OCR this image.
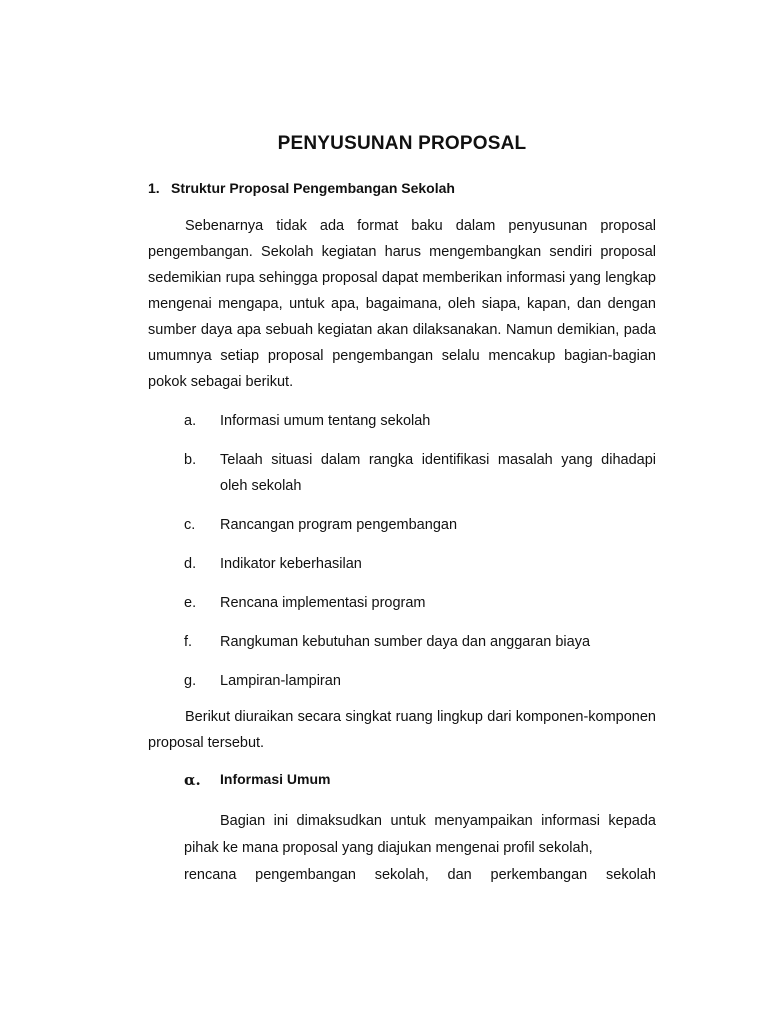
PENYUSUNAN PROPOSAL
1. Struktur Proposal Pengembangan Sekolah

Sebenarnya tidak ada format baku dalam penyusunan proposal pengembangan. Sekolah kegiatan harus mengembangkan sendiri proposal sedemikian rupa sehingga proposal dapat memberikan informasi yang lengkap mengenai mengapa, untuk apa, bagaimana, oleh siapa, kapan, dan dengan sumber daya apa sebuah kegiatan akan dilaksanakan. Namun demikian, pada umumnya setiap proposal pengembangan selalu mencakup bagian-bagian pokok sebagai berikut.

a.	Informasi umum tentang sekolah
b.	Telaah situasi dalam rangka identifikasi masalah yang dihadapi oleh sekolah
c.	Rancangan program pengembangan
d.	Indikator keberhasilan
e.	Rencana implementasi program
f.	Rangkuman kebutuhan sumber daya dan anggaran biaya
g.	Lampiran-lampiran

Berikut diuraikan secara singkat ruang lingkup dari komponen-komponen proposal tersebut.

α.	Informasi Umum

Bagian ini dimaksudkan untuk menyampaikan informasi kepada pihak ke mana proposal yang diajukan mengenai profil sekolah,
rencana pengembangan sekolah, dan perkembangan sekolah
